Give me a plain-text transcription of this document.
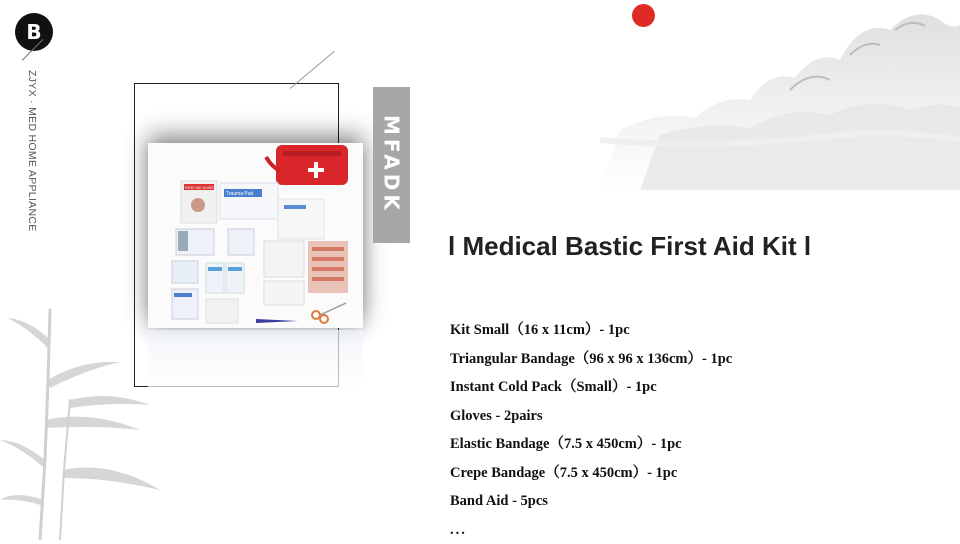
B
ZJYX · MED HOME APPLIANCE	FIRST AID GUIDE
Trauma Pad	MFADK
l Medical Bastic First Aid Kit l
Kit Small（16 x 11cm）- 1pc
Triangular Bandage（96 x 96 x 136cm）- 1pc
Instant Cold Pack（Small）- 1pc
Gloves - 2pairs
Elastic Bandage（7.5 x 450cm）- 1pc
Crepe Bandage（7.5 x 450cm）- 1pc
Band Aid - 5pcs
...
